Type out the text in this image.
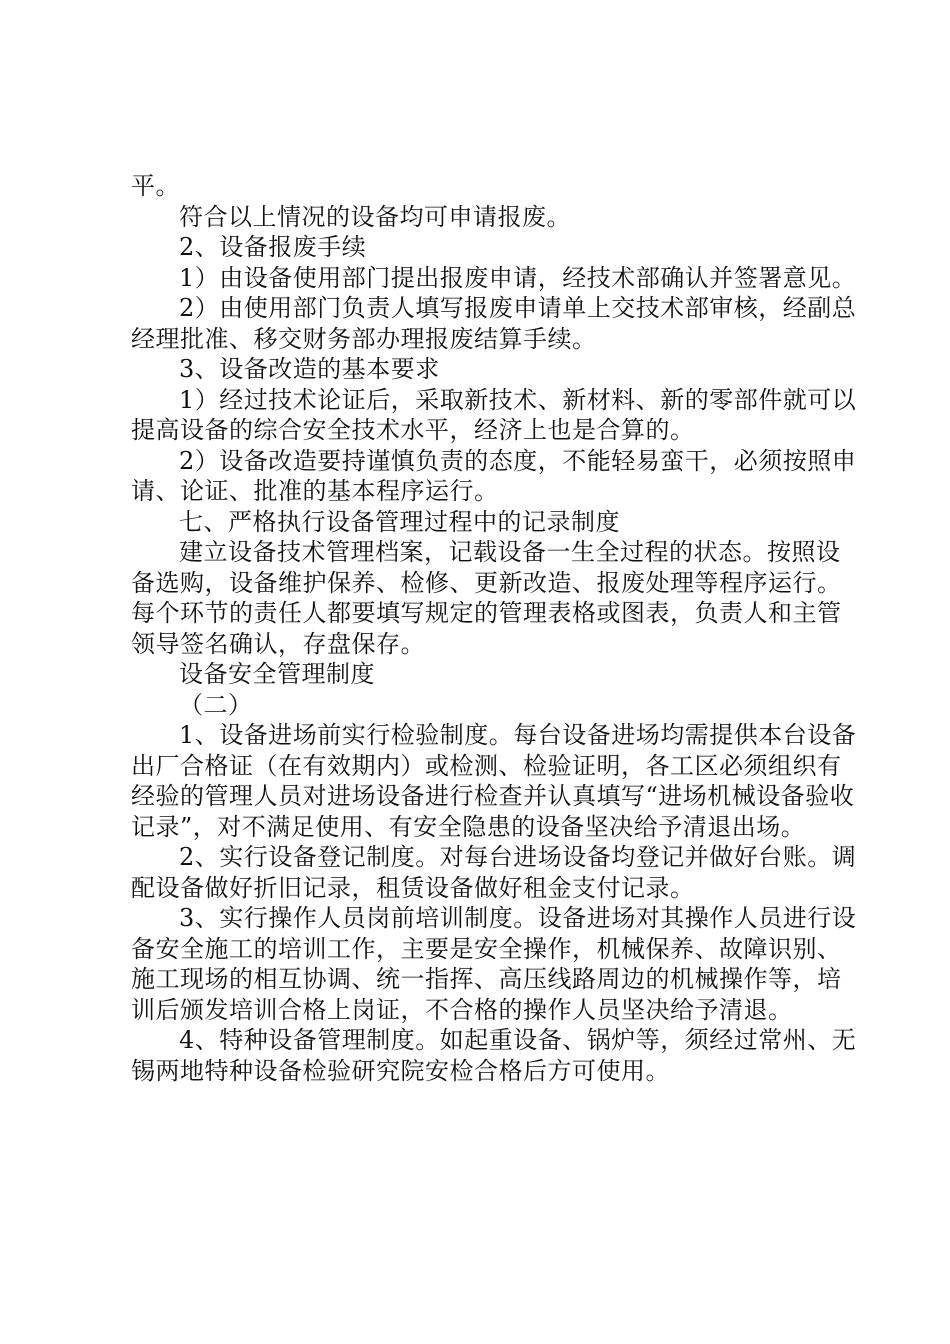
平。

符合以上情况的设备均可申请报废。

2、设备报废手续

1）由设备使用部门提出报废申请，经技术部确认并签署意见。

2）由使用部门负责人填写报废申请单上交技术部审核，经副总经理批准、移交财务部办理报废结算手续。

3、设备改造的基本要求

1）经过技术论证后，采取新技术、新材料、新的零部件就可以提高设备的综合安全技术水平，经济上也是合算的。

2）设备改造要持谨慎负责的态度，不能轻易蛮干，必须按照申请、论证、批准的基本程序运行。

七、严格执行设备管理过程中的记录制度

建立设备技术管理档案，记载设备一生全过程的状态。按照设备选购，设备维护保养、检修、更新改造、报废处理等程序运行。每个环节的责任人都要填写规定的管理表格或图表，负责人和主管领导签名确认，存盘保存。

设备安全管理制度

（二）

1、设备进场前实行检验制度。每台设备进场均需提供本台设备出厂合格证（在有效期内）或检测、检验证明，各工区必须组织有经验的管理人员对进场设备进行检查并认真填写“进场机械设备验收记录”，对不满足使用、有安全隐患的设备坚决给予清退出场。

2、实行设备登记制度。对每台进场设备均登记并做好台账。调配设备做好折旧记录，租赁设备做好租金支付记录。

3、实行操作人员岗前培训制度。设备进场对其操作人员进行设备安全施工的培训工作，主要是安全操作，机械保养、故障识别、施工现场的相互协调、统一指挥、高压线路周边的机械操作等，培训后颁发培训合格上岗证，不合格的操作人员坚决给予清退。

4、特种设备管理制度。如起重设备、锅炉等，须经过常州、无锡两地特种设备检验研究院安检合格后方可使用。
